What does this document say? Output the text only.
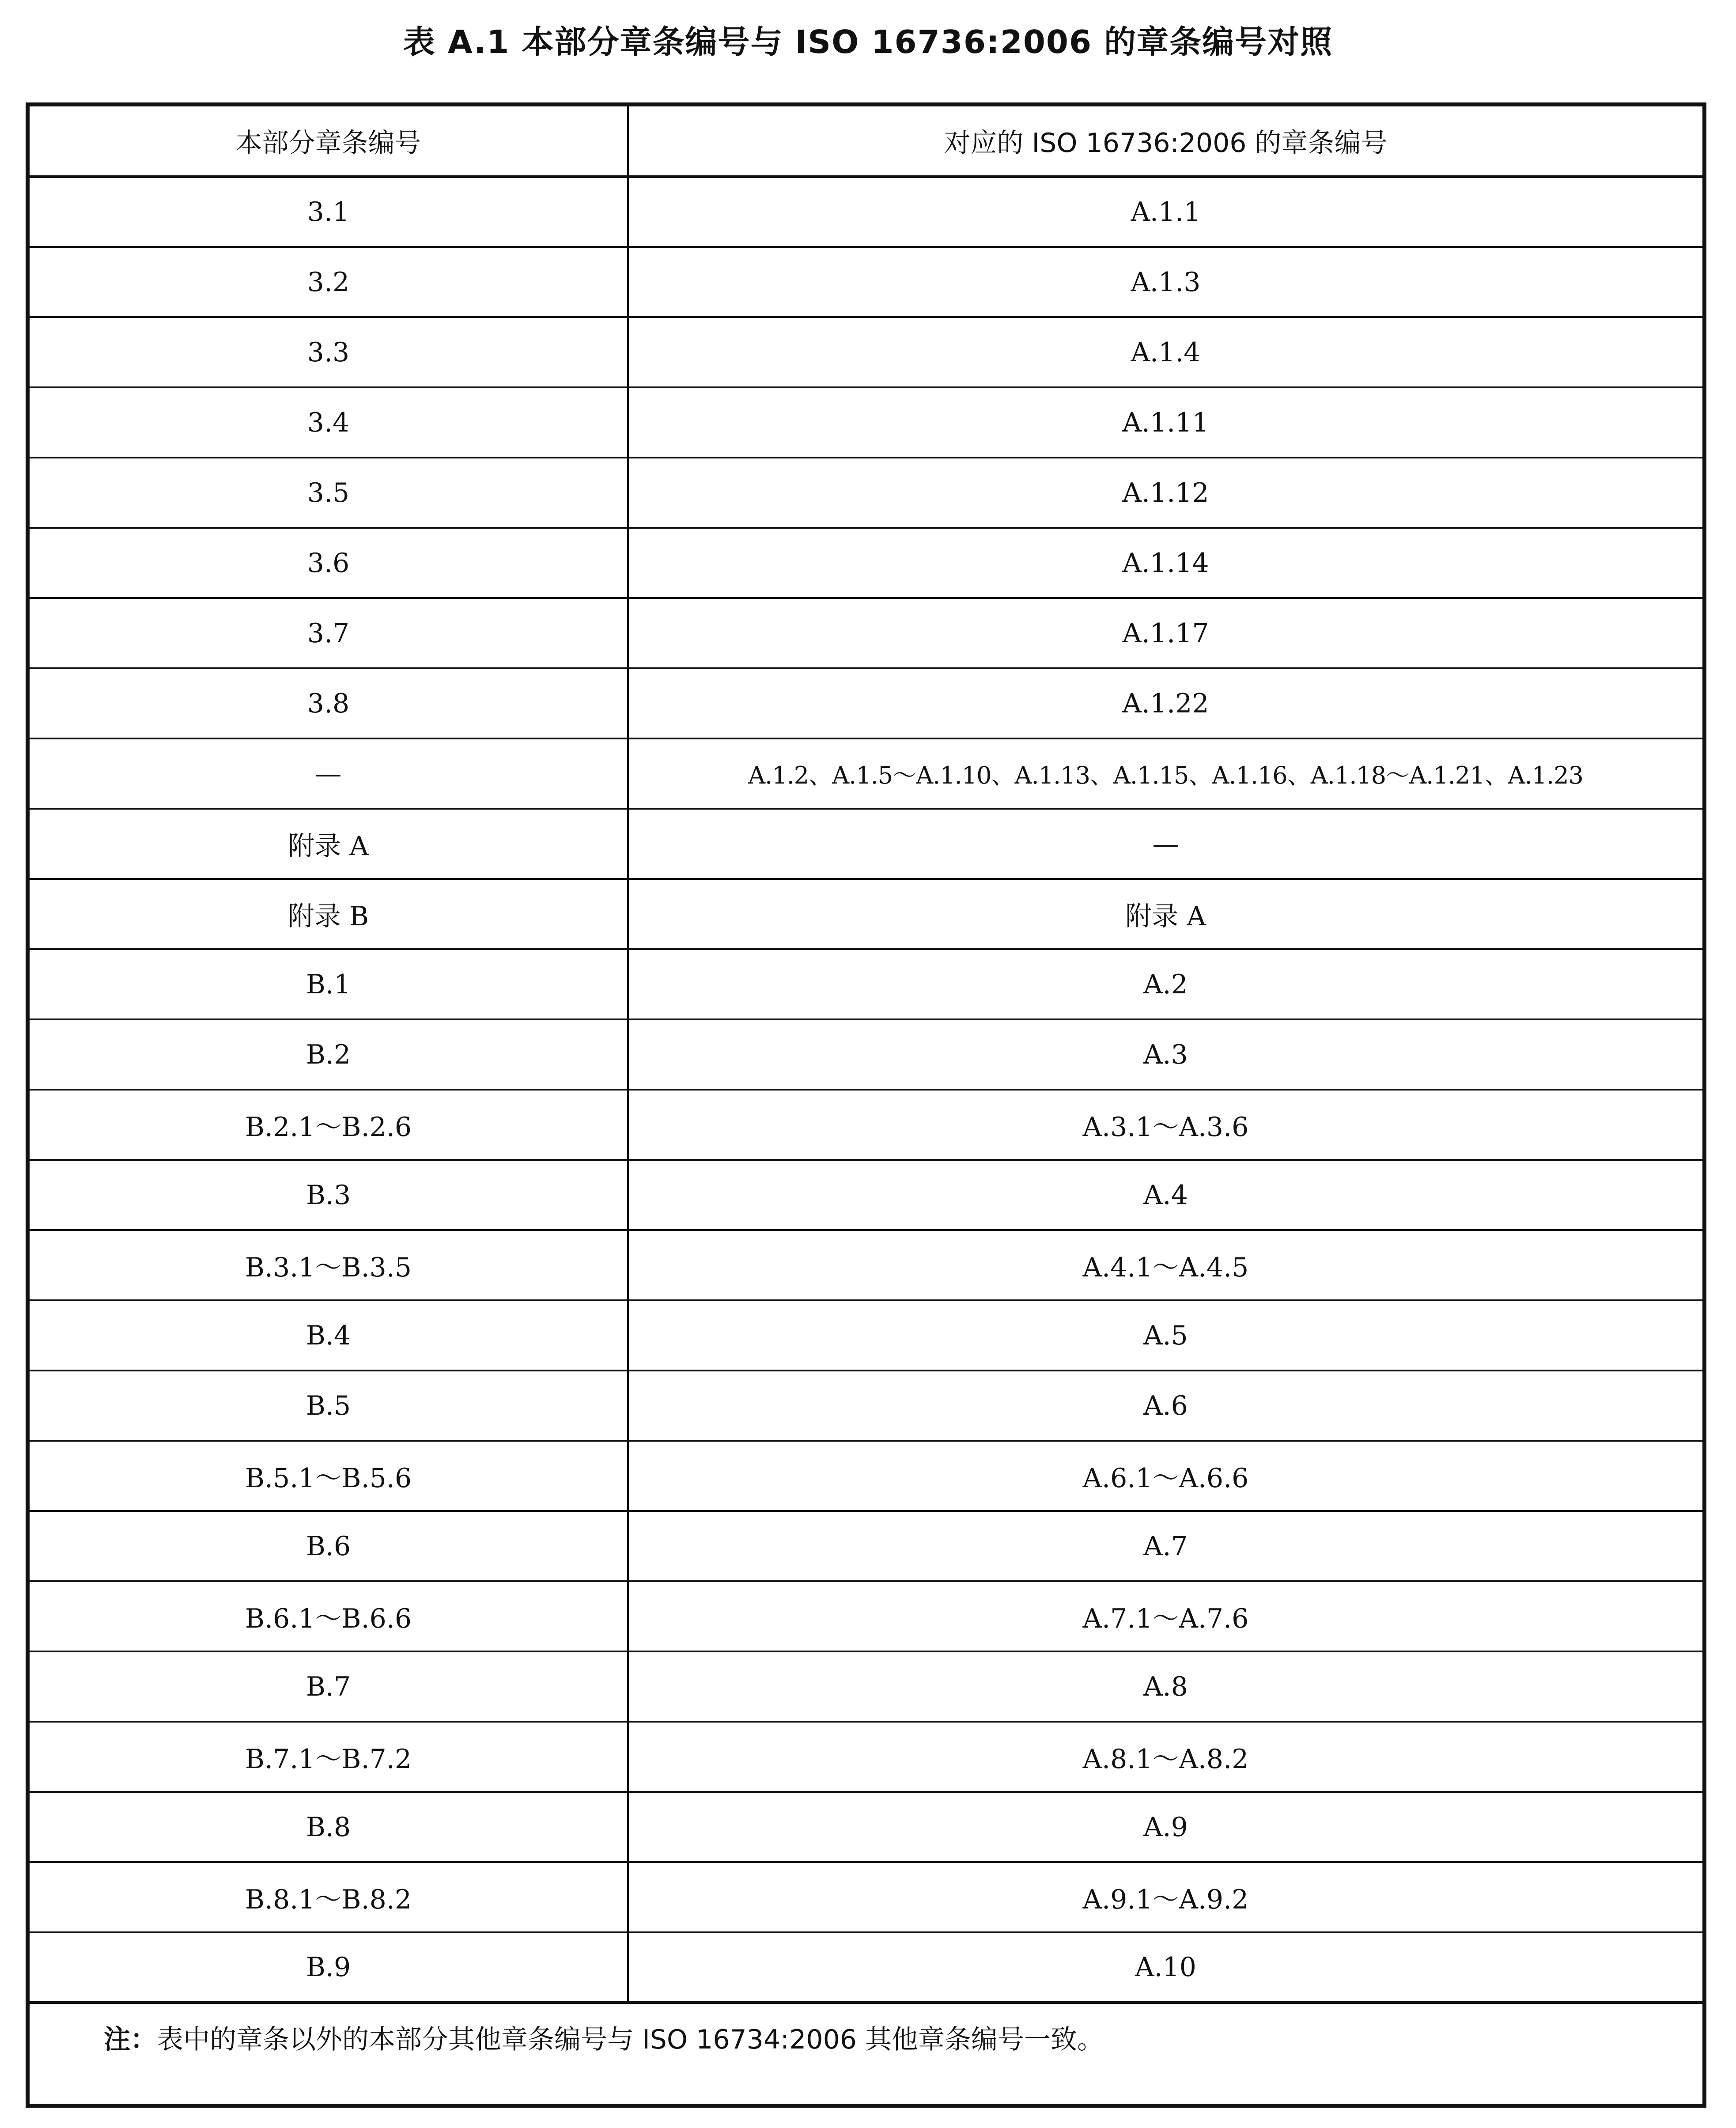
表 A.1 本部分章条编号与 ISO 16736:2006 的章条编号对照
本部分章条编号	对应的 ISO 16736:2006 的章条编号
3.1	A.1.1
3.2	A.1.3
3.3	A.1.4
3.4	A.1.11
3.5	A.1.12
3.6	A.1.14
3.7	A.1.17
3.8	A.1.22
—	A.1.2、A.1.5～A.1.10、A.1.13、A.1.15、A.1.16、A.1.18～A.1.21、A.1.23
附录 A	—
附录 B	附录 A
B.1	A.2
B.2	A.3
B.2.1～B.2.6	A.3.1～A.3.6
B.3	A.4
B.3.1～B.3.5	A.4.1～A.4.5
B.4	A.5
B.5	A.6
B.5.1～B.5.6	A.6.1～A.6.6
B.6	A.7
B.6.1～B.6.6	A.7.1～A.7.6
B.7	A.8
B.7.1～B.7.2	A.8.1～A.8.2
B.8	A.9
B.8.1～B.8.2	A.9.1～A.9.2
B.9	A.10
注： 表中的章条以外的本部分其他章条编号与 ISO 16734:2006 其他章条编号一致。
